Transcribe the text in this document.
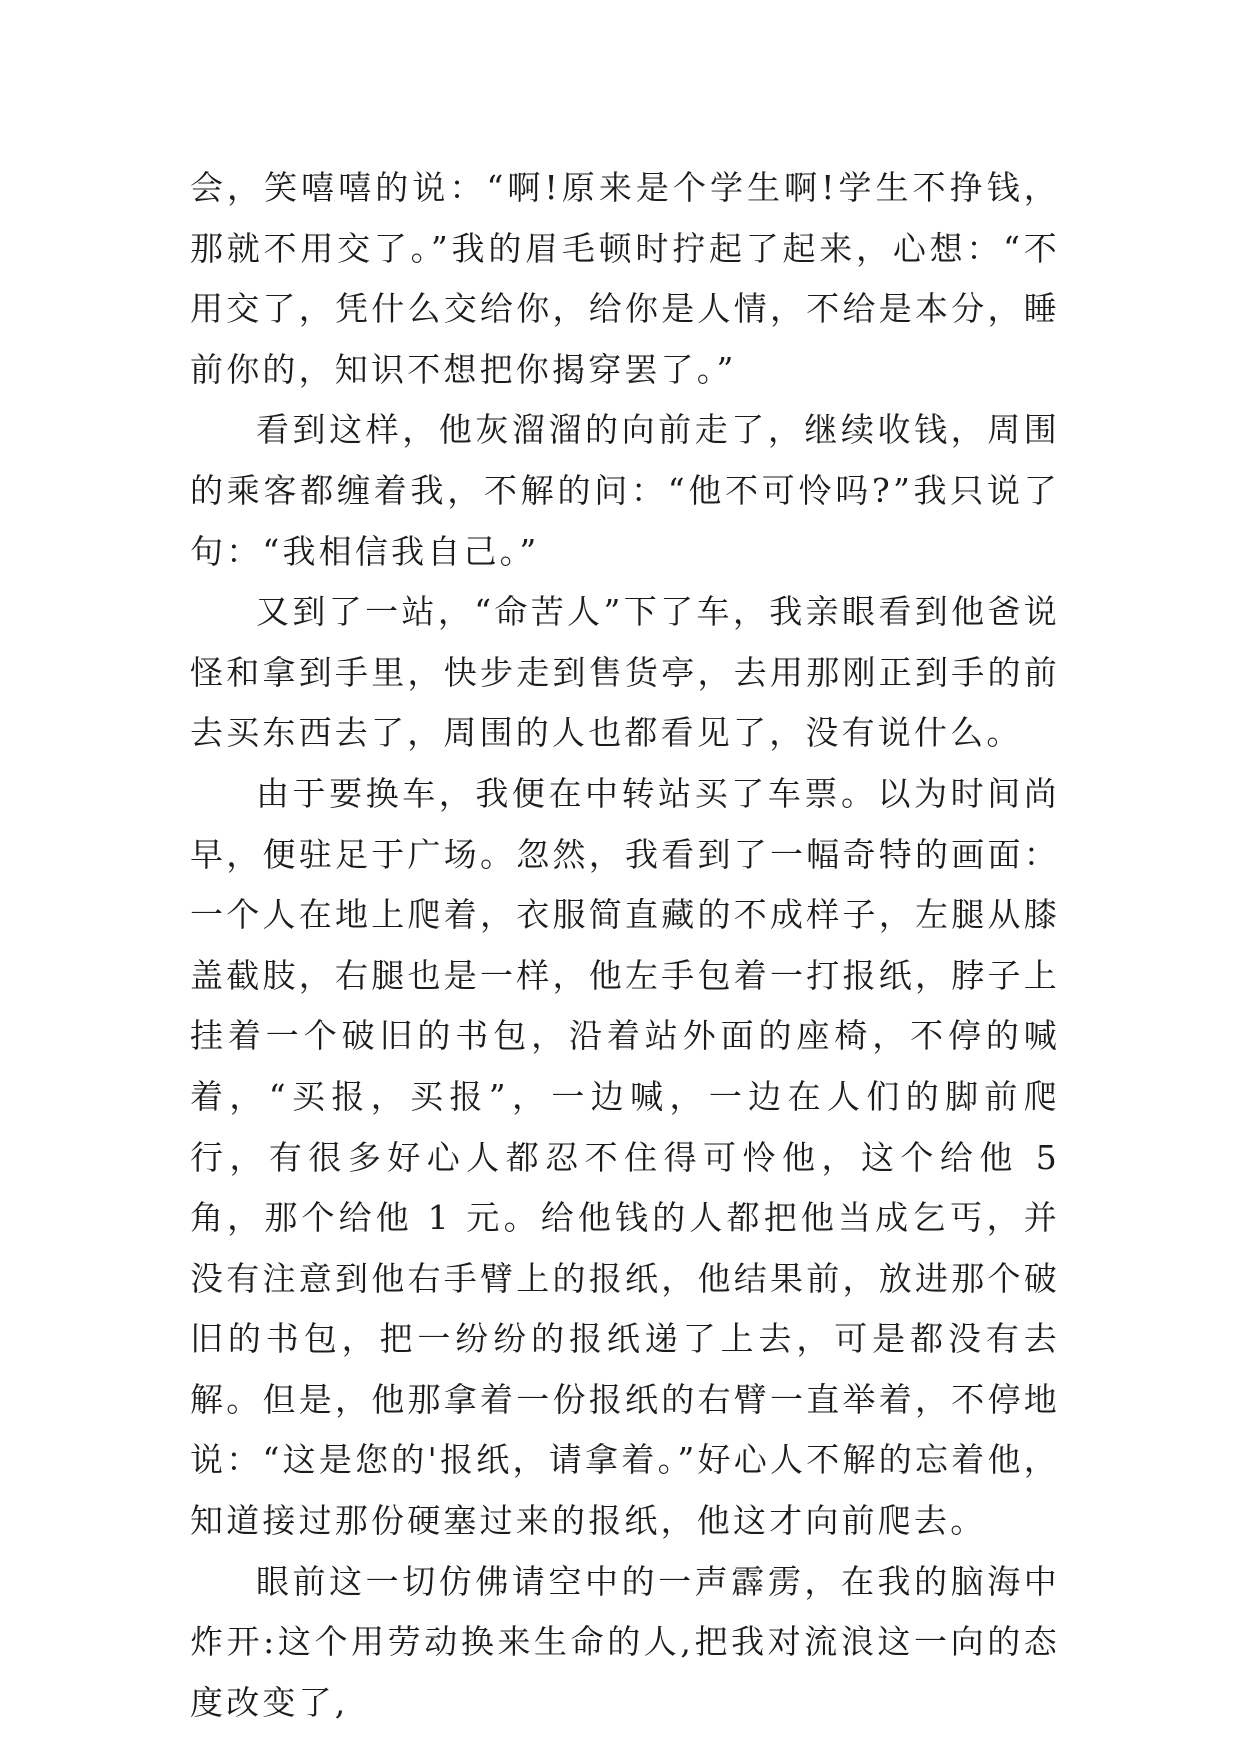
会，笑嘻嘻的说：“啊!原来是个学生啊!学生不挣钱，那就不用交了。”我的眉毛顿时拧起了起来，心想：“不用交了，凭什么交给你，给你是人情，不给是本分，睡前你的，知识不想把你揭穿罢了。”

看到这样，他灰溜溜的向前走了，继续收钱，周围的乘客都缠着我，不解的问：“他不可怜吗?”我只说了句：“我相信我自己。”

又到了一站，“命苦人”下了车，我亲眼看到他爸说怪和拿到手里，快步走到售货亭，去用那刚正到手的前去买东西去了，周围的人也都看见了，没有说什么。

由于要换车，我便在中转站买了车票。以为时间尚早，便驻足于广场。忽然，我看到了一幅奇特的画面：一个人在地上爬着，衣服简直藏的不成样子，左腿从膝盖截肢，右腿也是一样，他左手包着一打报纸，脖子上挂着一个破旧的书包，沿着站外面的座椅，不停的喊着，“买报，买报”，一边喊，一边在人们的脚前爬行，有很多好心人都忍不住得可怜他，这个给他 5 角，那个给他 1 元。给他钱的人都把他当成乞丐，并没有注意到他右手臂上的报纸，他结果前，放进那个破旧的书包，把一纷纷的报纸递了上去，可是都没有去解。但是，他那拿着一份报纸的右臂一直举着，不停地说：“这是您的'报纸，请拿着。”好心人不解的忘着他，知道接过那份硬塞过来的报纸，他这才向前爬去。

眼前这一切仿佛请空中的一声霹雳，在我的脑海中炸开:这个用劳动换来生命的人,把我对流浪这一向的态度改变了,
